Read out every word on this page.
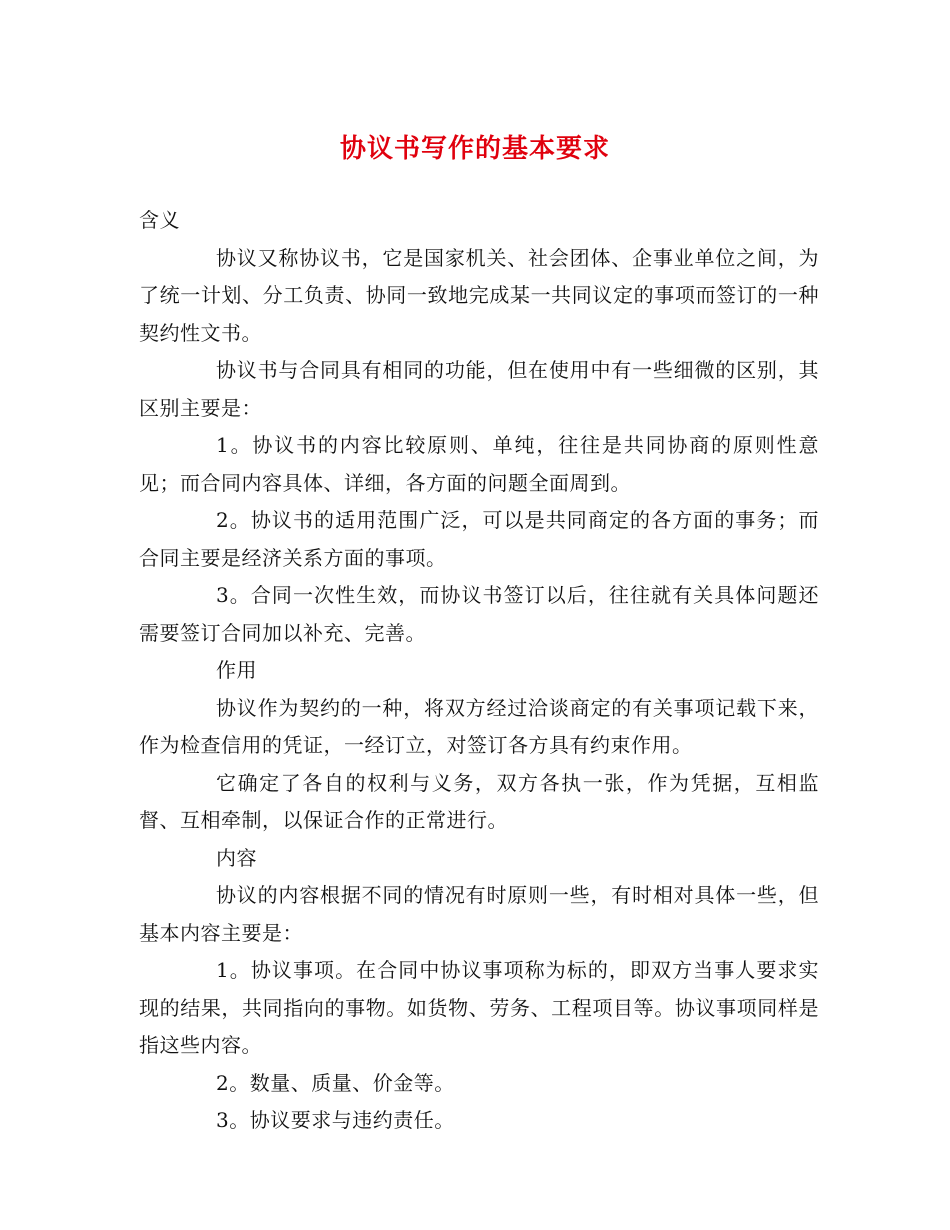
协议书写作的基本要求

含义

协议又称协议书，它是国家机关、社会团体、企事业单位之间，为了统一计划、分工负责、协同一致地完成某一共同议定的事项而签订的一种契约性文书。

协议书与合同具有相同的功能，但在使用中有一些细微的区别，其区别主要是：

1。协议书的内容比较原则、单纯，往往是共同协商的原则性意见；而合同内容具体、详细，各方面的问题全面周到。

2。协议书的适用范围广泛，可以是共同商定的各方面的事务；而合同主要是经济关系方面的事项。

3。合同一次性生效，而协议书签订以后，往往就有关具体问题还需要签订合同加以补充、完善。

作用

协议作为契约的一种，将双方经过洽谈商定的有关事项记载下来，作为检查信用的凭证，一经订立，对签订各方具有约束作用。

它确定了各自的权利与义务，双方各执一张，作为凭据，互相监督、互相牵制，以保证合作的正常进行。

内容

协议的内容根据不同的情况有时原则一些，有时相对具体一些，但基本内容主要是：

1。协议事项。在合同中协议事项称为标的，即双方当事人要求实现的结果，共同指向的事物。如货物、劳务、工程项目等。协议事项同样是指这些内容。

2。数量、质量、价金等。

3。协议要求与违约责任。
